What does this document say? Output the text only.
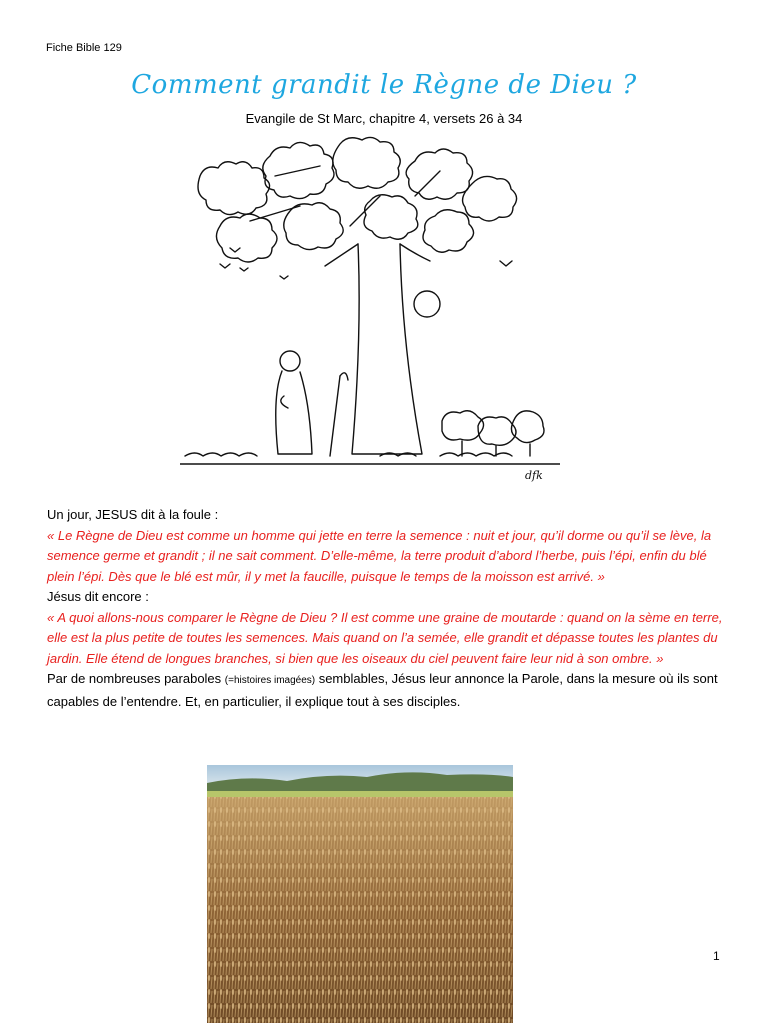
Fiche Bible 129
Comment grandit le Règne de Dieu ?
Evangile de St Marc, chapitre 4, versets 26 à 34
dfk

Un jour, JESUS dit à la foule :

« Le Règne de Dieu est comme un homme qui jette en terre la semence : nuit et jour, qu’il dorme ou qu’il se lève, la semence germe et grandit ; il ne sait comment. D’elle-même, la terre produit d’abord l’herbe, puis l’épi, enfin du blé plein l’épi. Dès que le blé est mûr, il y met la faucille, puisque le temps de la moisson est arrivé. »

Jésus dit encore :

« A quoi allons-nous comparer le Règne de Dieu ? Il est comme une graine de moutarde : quand on la sème en terre, elle est la plus petite de toutes les semences. Mais quand on l’a semée, elle grandit et dépasse toutes les plantes du jardin. Elle étend de longues branches, si bien que les oiseaux du ciel peuvent faire leur nid à son ombre. »

Par de nombreuses paraboles (=histoires imagées) semblables, Jésus leur annonce la Parole, dans la mesure où ils sont capables de l’entendre. Et, en particulier, il explique tout à ses disciples.

1
